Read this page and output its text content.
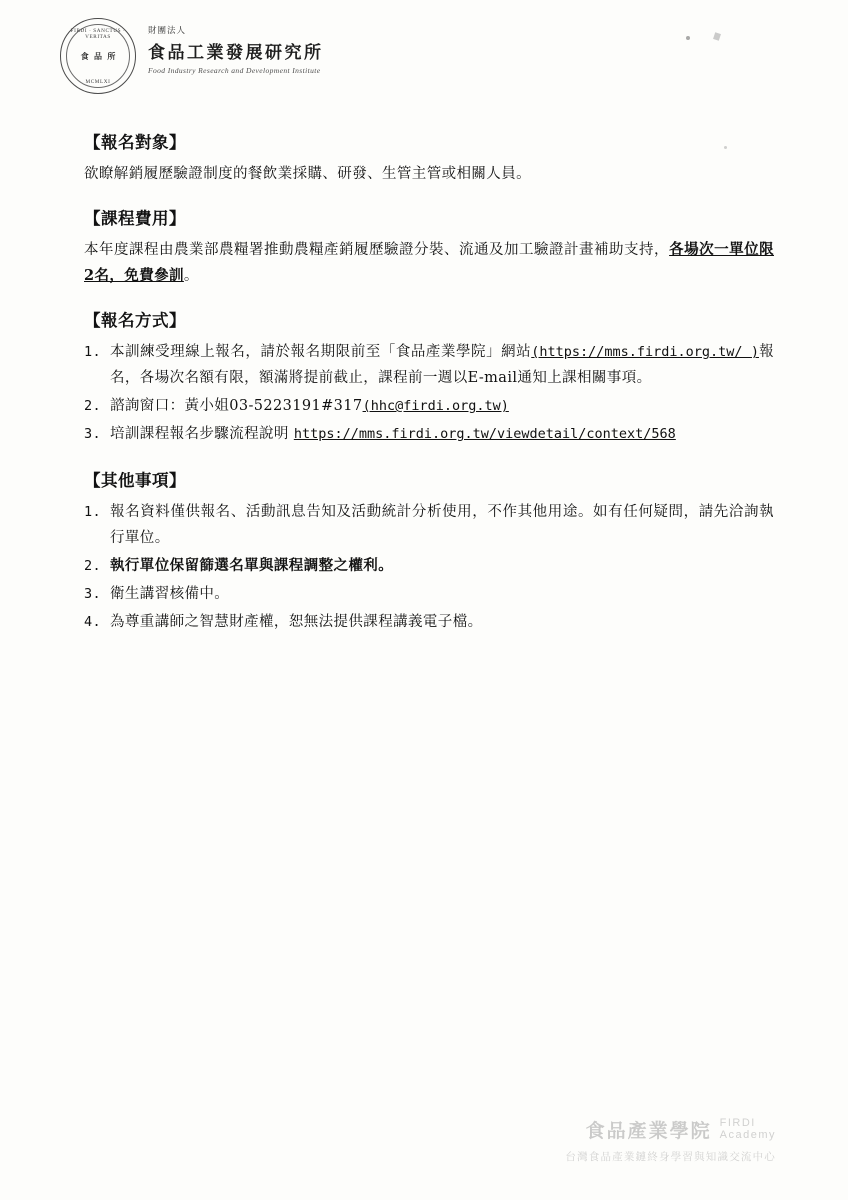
FIRDI · SANCTUS · VERITAS
食 品 所
MCMLXI
財團法人
食品工業發展研究所
Food Industry Research and Development Institute
【報名對象】

欲瞭解銷履歷驗證制度的餐飲業採購、研發、生管主管或相關人員。

【課程費用】

本年度課程由農業部農糧署推動農糧產銷履歷驗證分裝、流通及加工驗證計畫補助支持，各場次一單位限2名，免費參訓。

【報名方式】
1. 本訓練受理線上報名，請於報名期限前至「食品產業學院」網站(https://mms.firdi.org.tw/ )報名，各場次名額有限，額滿將提前截止，課程前一週以E-mail通知上課相關事項。
2. 諮詢窗口：黃小姐03-5223191#317(hhc@firdi.org.tw)
3. 培訓課程報名步驟流程說明 https://mms.firdi.org.tw/viewdetail/context/568
【其他事項】
1. 報名資料僅供報名、活動訊息告知及活動統計分析使用，不作其他用途。如有任何疑問，請先洽詢執行單位。
2. 執行單位保留篩選名單與課程調整之權利。
3. 衛生講習核備中。
4. 為尊重講師之智慧財產權，恕無法提供課程講義電子檔。
食品產業學院 FIRDI
Academy
台灣食品產業鏈終身學習與知識交流中心
